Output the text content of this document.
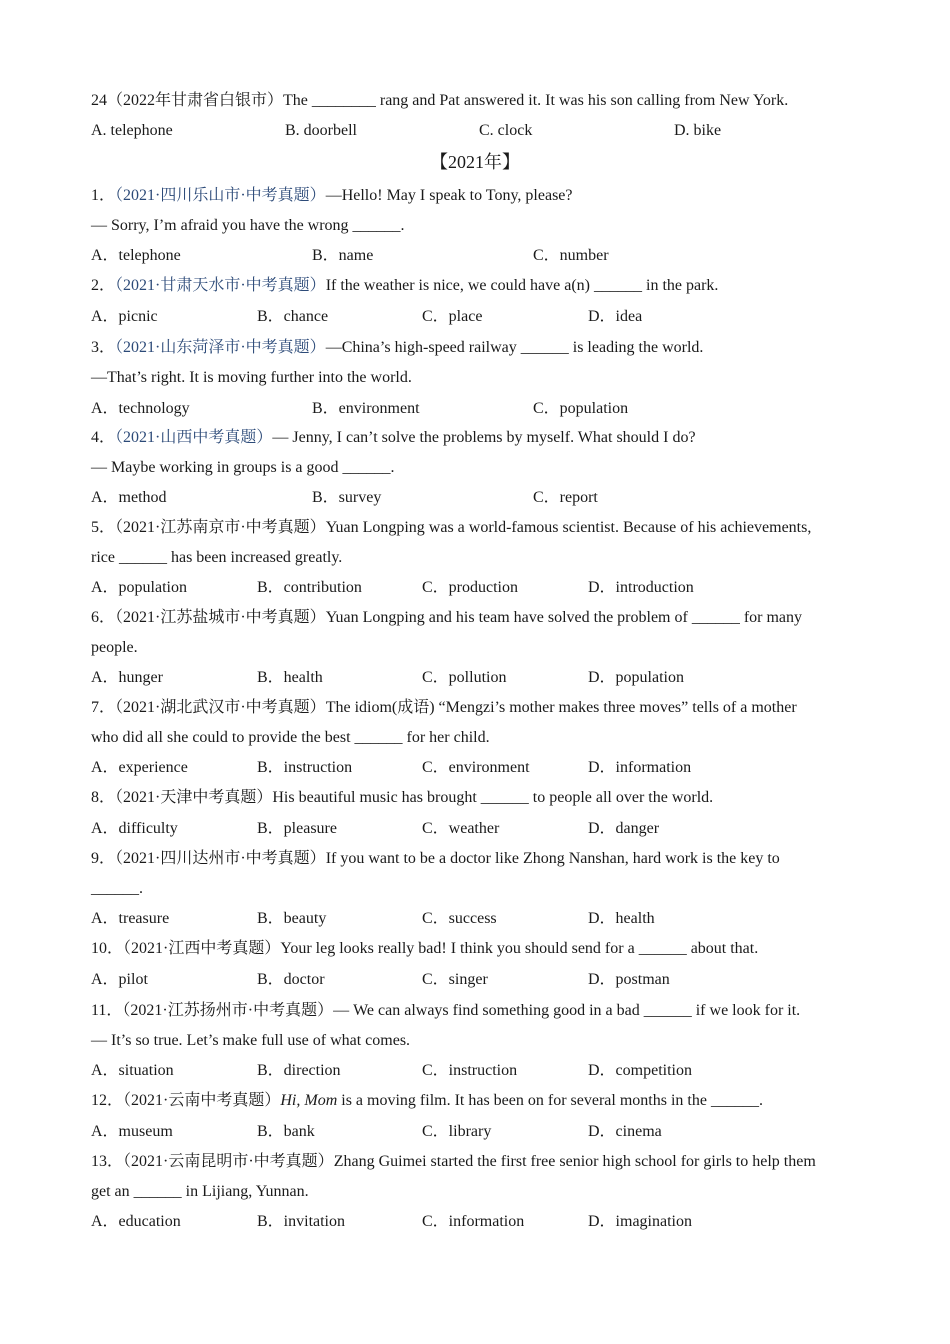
24（2022年甘肃省白银市）The ________ rang and Pat answered it. It was his son calling from New York.
A. telephone	B. doorbell	C. clock	D. bike
【2021年】
1．（2021·四川乐山市·中考真题）—Hello! May I speak to Tony, please?
— Sorry, I’m afraid you have the wrong ______.
A．telephone	B．name	C．number
2．（2021·甘肃天水市·中考真题）If the weather is nice, we could have a(n) ______ in the park.
A．picnic	B．chance	C．place	D．idea
3．（2021·山东菏泽市·中考真题）—China’s high-speed railway ______ is leading the world.
—That’s right. It is moving further into the world.
A．technology	B．environment	C．population
4．（2021·山西中考真题）— Jenny, I can’t solve the problems by myself. What should I do?
— Maybe working in groups is a good ______.
A．method	B．survey	C．report
5．（2021·江苏南京市·中考真题）Yuan Longping was a world-famous scientist. Because of his achievements,
rice ______ has been increased greatly.
A．population	B．contribution	C．production	D．introduction
6．（2021·江苏盐城市·中考真题）Yuan Longping and his team have solved the problem of ______ for many
people.
A．hunger	B．health	C．pollution	D．population
7．（2021·湖北武汉市·中考真题）The idiom(成语) “Mengzi’s mother makes three moves” tells of a mother
who did all she could to provide the best ______ for her child.
A．experience	B．instruction	C．environment	D．information
8．（2021·天津中考真题）His beautiful music has brought ______ to people all over the world.
A．difficulty	B．pleasure	C．weather	D．danger
9．（2021·四川达州市·中考真题）If you want to be a doctor like Zhong Nanshan, hard work is the key to
______.
A．treasure	B．beauty	C．success	D．health
10．（2021·江西中考真题）Your leg looks really bad! I think you should send for a ______ about that.
A．pilot	B．doctor	C．singer	D．postman
11．（2021·江苏扬州市·中考真题）— We can always find something good in a bad ______ if we look for it.
— It’s so true. Let’s make full use of what comes.
A．situation	B．direction	C．instruction	D．competition
12．（2021·云南中考真题）Hi, Mom is a moving film. It has been on for several months in the ______.
A．museum	B．bank	C．library	D．cinema
13．（2021·云南昆明市·中考真题）Zhang Guimei started the first free senior high school for girls to help them
get an ______ in Lijiang, Yunnan.
A．education	B．invitation	C．information	D．imagination
